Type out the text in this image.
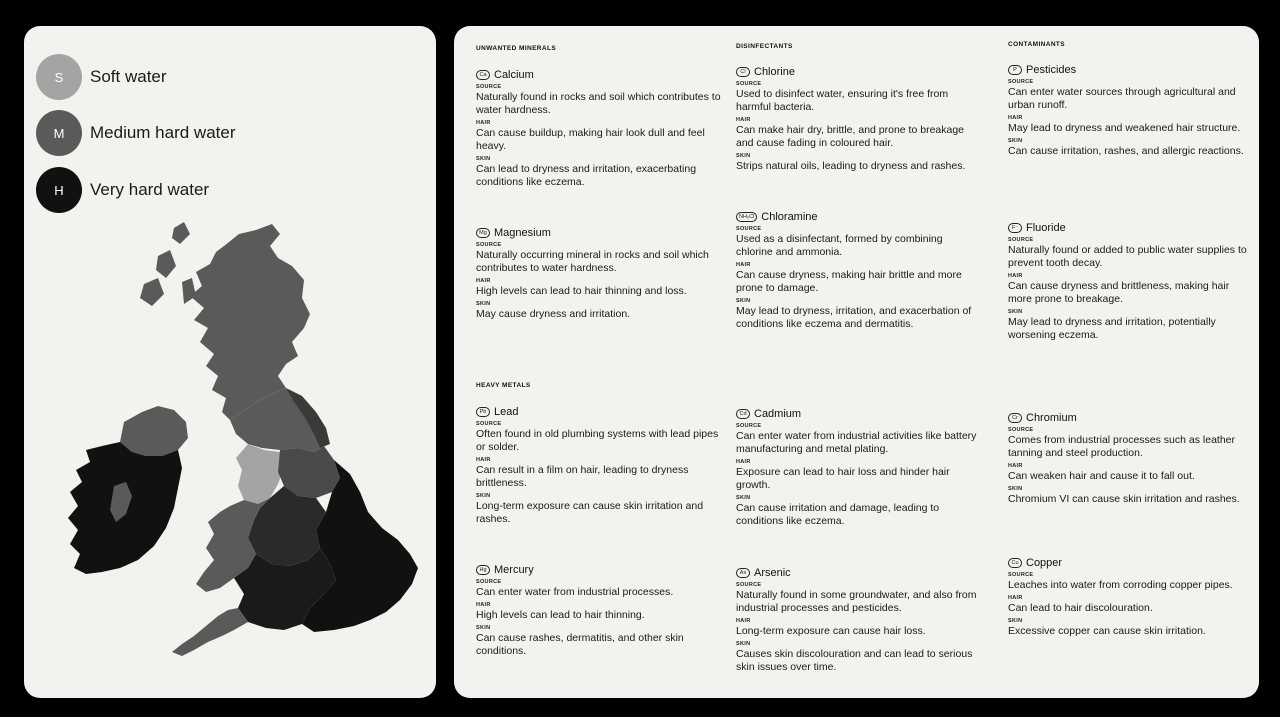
S	Soft water
M	Medium hard water
H	Very hard water
UNWANTED MINERALS	DISINFECTANTS	CONTAMINANTS
HEAVY METALS
Ca Calcium
SOURCE
Naturally found in rocks and soil which contributes to water hardness.
HAIR
Can cause buildup, making hair look dull and feel heavy.
SKIN
Can lead to dryness and irritation, exacerbating conditions like eczema.
Mg Magnesium
SOURCE
Naturally occurring mineral in rocks and soil which contributes to water hardness.
HAIR
High levels can lead to hair thinning and loss.
SKIN
May cause dryness and irritation.
Cl Chlorine
SOURCE
Used to disinfect water, ensuring it's free from harmful bacteria.
HAIR
Can make hair dry, brittle, and prone to breakage and cause fading in coloured hair.
SKIN
Strips natural oils, leading to dryness and rashes.
NH₂Cl Chloramine
SOURCE
Used as a disinfectant, formed by combining chlorine and ammonia.
HAIR
Can cause dryness, making hair brittle and more prone to damage.
SKIN
May lead to dryness, irritation, and exacerbation of conditions like eczema and dermatitis.
P Pesticides
SOURCE
Can enter water sources through agricultural and urban runoff.
HAIR
May lead to dryness and weakened hair structure.
SKIN
Can cause irritation, rashes, and allergic reactions.
F⁻ Fluoride
SOURCE
Naturally found or added to public water supplies to prevent tooth decay.
HAIR
Can cause dryness and brittleness, making hair more prone to breakage.
SKIN
May lead to dryness and irritation, potentially worsening eczema.
Pb Lead
SOURCE
Often found in old plumbing systems with lead pipes or solder.
HAIR
Can result in a film on hair, leading to dryness brittleness.
SKIN
Long-term exposure can cause skin irritation and rashes.
Hg Mercury
SOURCE
Can enter water from industrial processes.
HAIR
High levels can lead to hair thinning.
SKIN
Can cause rashes, dermatitis, and other skin conditions.
Cd Cadmium
SOURCE
Can enter water from industrial activities like battery manufacturing and metal plating.
HAIR
Exposure can lead to hair loss and hinder hair growth.
SKIN
Can cause irritation and damage, leading to conditions like eczema.
As Arsenic
SOURCE
Naturally found in some groundwater, and also from industrial processes and pesticides.
HAIR
Long-term exposure can cause hair loss.
SKIN
Causes skin discolouration and can lead to serious skin issues over time.
Cr Chromium
SOURCE
Comes from industrial processes such as leather tanning and steel production.
HAIR
Can weaken hair and cause it to fall out.
SKIN
Chromium VI can cause skin irritation and rashes.
Cu Copper
SOURCE
Leaches into water from corroding copper pipes.
HAIR
Can lead to hair discolouration.
SKIN
Excessive copper can cause skin irritation.
